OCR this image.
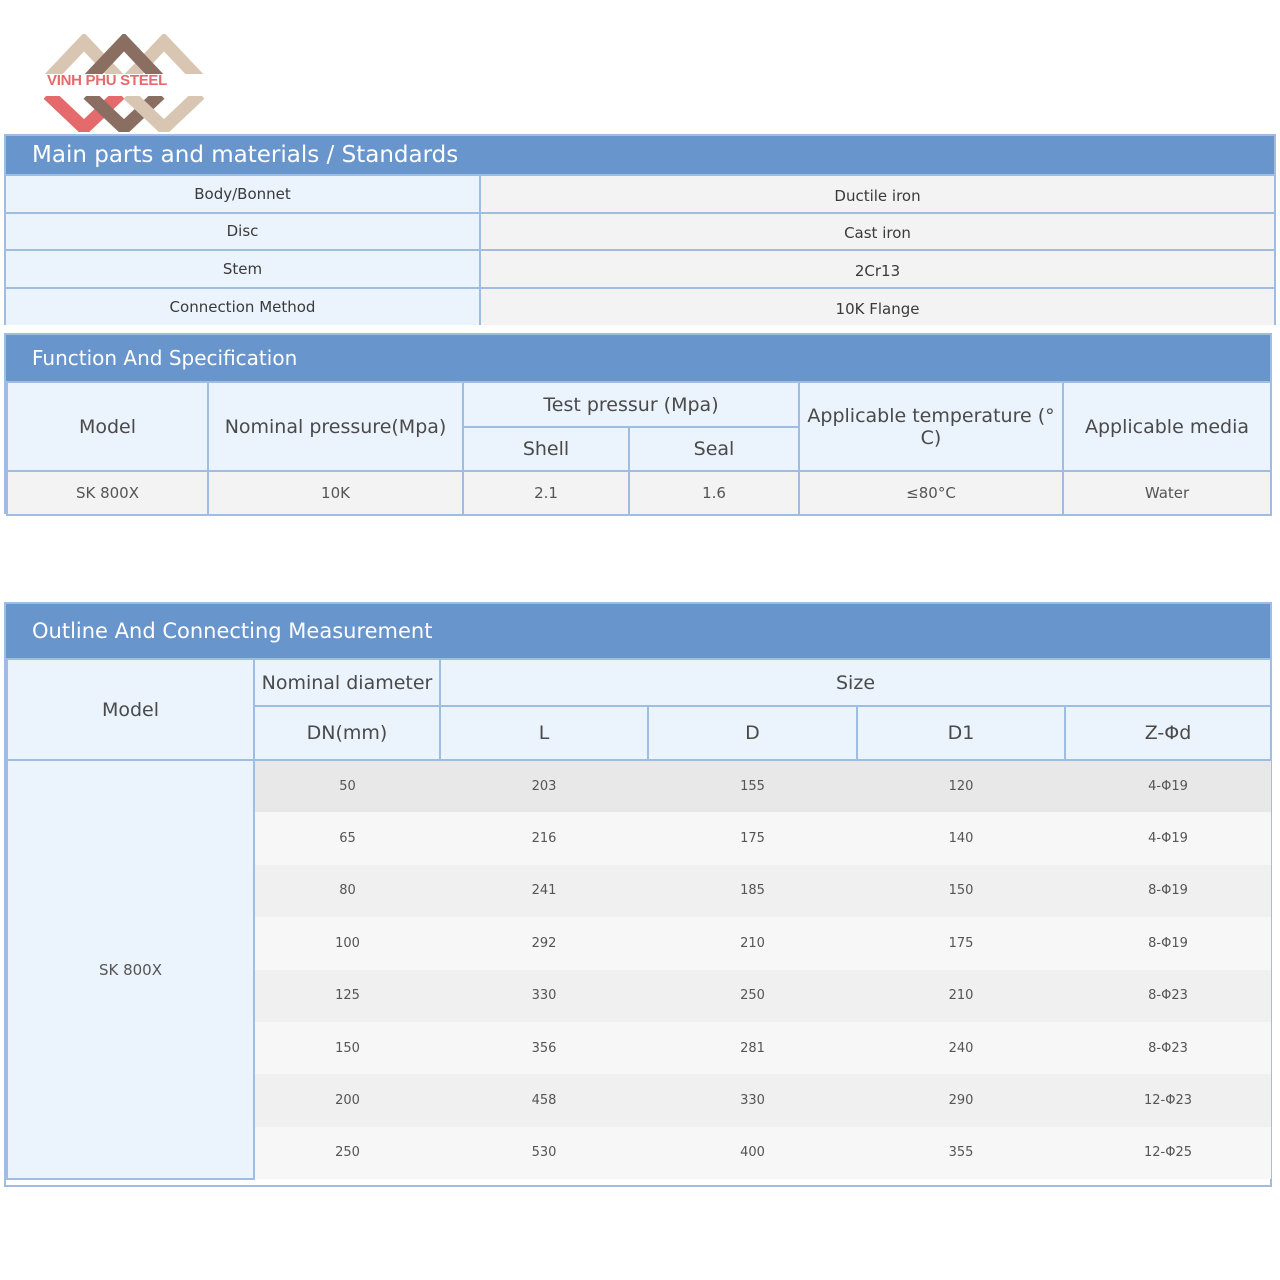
VINH PHU STEEL
Main parts and materials / Standards
Body/Bonnet	Ductile iron
Disc	Cast iron
Stem	2Cr13
Connection Method	10K Flange
Function And Specification
Model	Nominal pressure(Mpa)	Test pressur (Mpa)		Applicable temperature (° C)	Applicable media
		Shell	Seal		
SK 800X	10K	2.1	1.6	≤80°C	Water
Outline And Connecting Measurement
Model	Nominal diameter	Size			
	DN(mm)	L	D	D1	Z-Φd
SK 800X	50	203	155	120	4-Φ19
	65	216	175	140	4-Φ19
	80	241	185	150	8-Φ19
	100	292	210	175	8-Φ19
	125	330	250	210	8-Φ23
	150	356	281	240	8-Φ23
	200	458	330	290	12-Φ23
	250	530	400	355	12-Φ25
